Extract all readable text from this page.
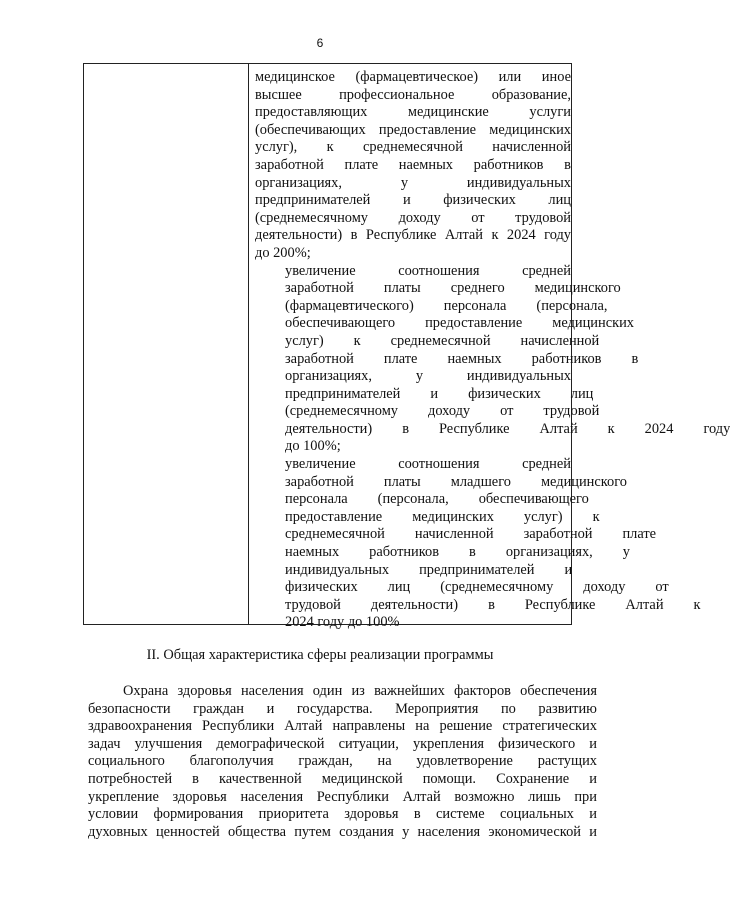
6

медицинское (фармацевтическое) или иное
высшее	профессиональное	образование,
предоставляющих	медицинские	услуги
(обеспечивающих предоставление медицинских
услуг), к среднемесячной начисленной
заработной плате наемных работников в
организациях,	у	индивидуальных
предпринимателей и физических лиц
(среднемесячному доходу от трудовой
деятельности) в Республике Алтай к 2024 году
до 200%;

увеличение	соотношения	средней
заработной	платы	среднего	медицинского
(фармацевтического)	персонала	(персонала,
обеспечивающего	предоставление	медицинских
услуг)	к	среднемесячной	начисленной
заработной	плате	наемных	работников	в
организациях,	у	индивидуальных
предпринимателей	и	физических	лиц
(среднемесячному	доходу	от	трудовой
деятельности)	в	Республике	Алтай	к	2024	году
до 100%;

увеличение	соотношения	средней
заработной	платы	младшего	медицинского
персонала	(персонала,	обеспечивающего
предоставление	медицинских	услуг)	к
среднемесячной	начисленной	заработной	плате
наемных	работников	в	организациях,	у
индивидуальных	предпринимателей	и
физических	лиц	(среднемесячному	доходу	от
трудовой	деятельности)	в	Республике	Алтай	к
2024 году до 100%

II. Общая характеристика сферы реализации программы

Охрана здоровья населения один из важнейших факторов обеспечения
безопасности граждан и государства. Мероприятия по развитию
здравоохранения Республики Алтай направлены на решение стратегических
задач улучшения демографической ситуации, укрепления физического и
социального благополучия граждан, на удовлетворение растущих
потребностей в качественной медицинской помощи. Сохранение и
укрепление здоровья населения Республики Алтай возможно лишь при
условии формирования приоритета здоровья в системе социальных и
духовных ценностей общества путем создания у населения экономической и
